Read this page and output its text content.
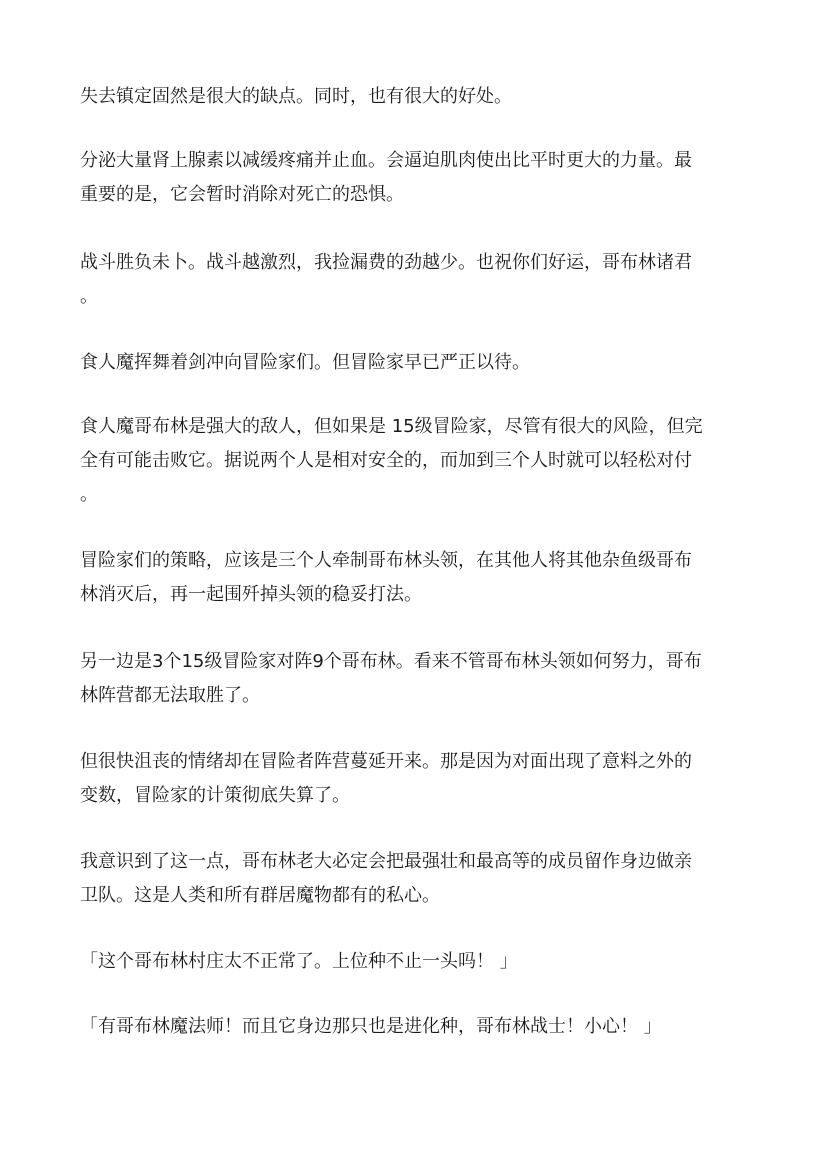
失去镇定固然是很大的缺点。同时，也有很大的好处。
分泌大量肾上腺素以减缓疼痛并止血。会逼迫肌肉使出比平时更大的力量。最
重要的是，它会暂时消除对死亡的恐惧。
战斗胜负未卜。战斗越激烈，我捡漏费的劲越少。也祝你们好运，哥布林诸君
。
食人魔挥舞着剑冲向冒险家们。但冒险家早已严正以待。
食人魔哥布林是强大的敌人，但如果是 15级冒险家，尽管有很大的风险，但完
全有可能击败它。据说两个人是相对安全的，而加到三个人时就可以轻松对付
。
冒险家们的策略，应该是三个人牵制哥布林头领，在其他人将其他杂鱼级哥布
林消灭后，再一起围歼掉头领的稳妥打法。
另一边是3个15级冒险家对阵9个哥布林。看来不管哥布林头领如何努力，哥布
林阵营都无法取胜了。
但很快沮丧的情绪却在冒险者阵营蔓延开来。那是因为对面出现了意料之外的
变数，冒险家的计策彻底失算了。
我意识到了这一点，哥布林老大必定会把最强壮和最高等的成员留作身边做亲
卫队。这是人类和所有群居魔物都有的私心。
「这个哥布林村庄太不正常了。上位种不止一头吗！ 」
「有哥布林魔法师！而且它身边那只也是进化种，哥布林战士！小心！ 」
